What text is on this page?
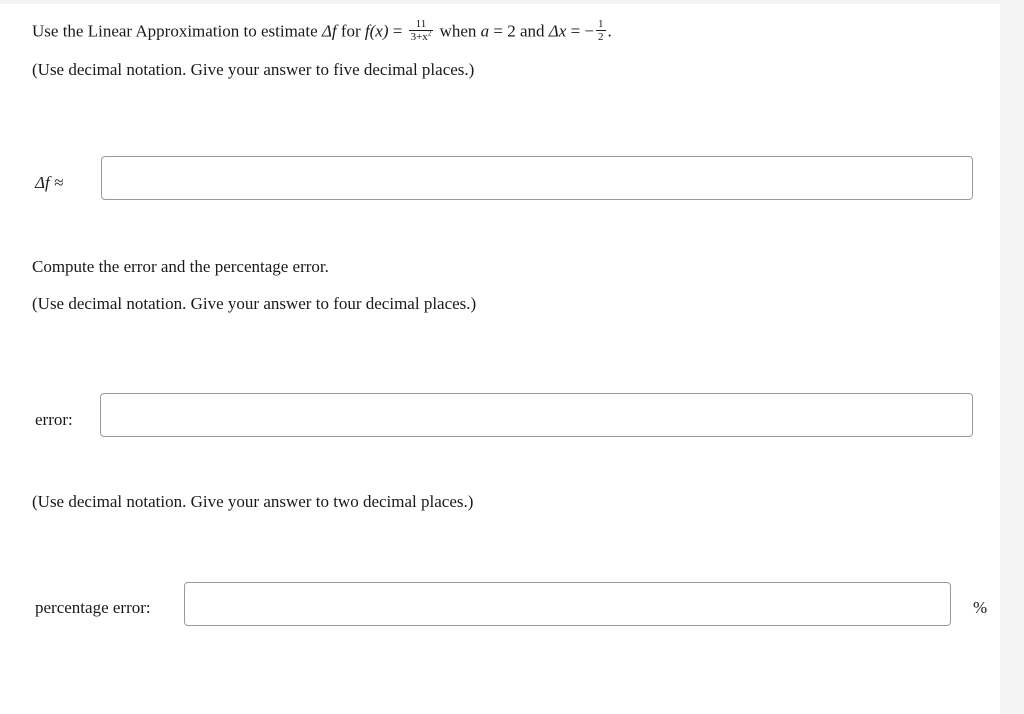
Use the Linear Approximation to estimate Δf for $f(x) = \frac{11}{3+x^2}$ when a = 2 and Δx = − $\frac{1}{2}$ .
(Use decimal notation. Give your answer to five decimal places.)
Δf ≈
Compute the error and the percentage error.
(Use decimal notation. Give your answer to four decimal places.)
error:
(Use decimal notation. Give your answer to two decimal places.)
percentage error:	%
